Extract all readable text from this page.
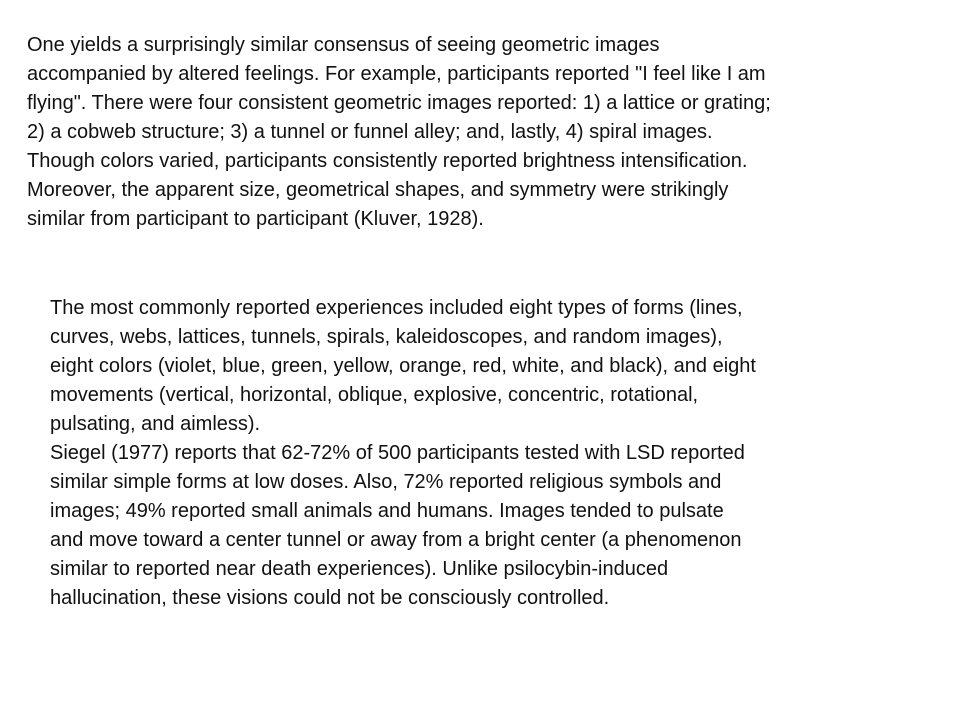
One yields a surprisingly similar consensus of seeing geometric images
accompanied by altered feelings. For example, participants reported "I feel like I am
flying". There were four consistent geometric images reported: 1) a lattice or grating;
2) a cobweb structure; 3) a tunnel or funnel alley; and, lastly, 4) spiral images.
Though colors varied, participants consistently reported brightness intensification.
Moreover, the apparent size, geometrical shapes, and symmetry were strikingly
similar from participant to participant (Kluver, 1928).

The most commonly reported experiences included eight types of forms (lines,
curves, webs, lattices, tunnels, spirals, kaleidoscopes, and random images),
eight colors (violet, blue, green, yellow, orange, red, white, and black), and eight
movements (vertical, horizontal, oblique, explosive, concentric, rotational,
pulsating, and aimless).

Siegel (1977) reports that 62-72% of 500 participants tested with LSD reported
similar simple forms at low doses. Also, 72% reported religious symbols and
images; 49% reported small animals and humans. Images tended to pulsate
and move toward a center tunnel or away from a bright center (a phenomenon
similar to reported near death experiences). Unlike psilocybin-induced
hallucination, these visions could not be consciously controlled.
